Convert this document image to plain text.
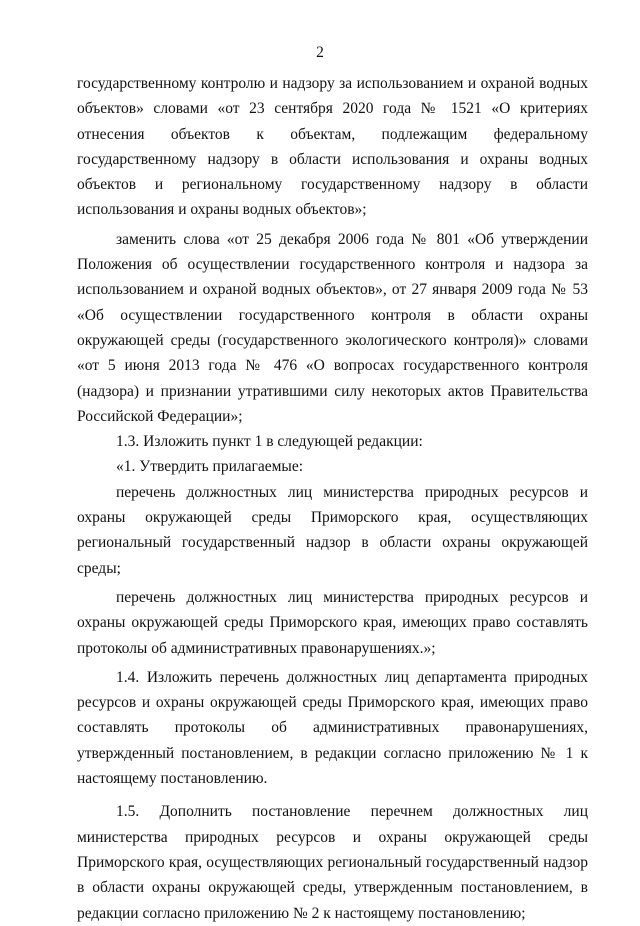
2

государственному контролю и надзору за использованием и охраной водных объектов» словами «от 23 сентября 2020 года № 1521 «О критериях отнесения объектов к объектам, подлежащим федеральному государственному надзору в области использования и охраны водных объектов и региональному государственному надзору в области использования и охраны водных объектов»;

заменить слова «от 25 декабря 2006 года № 801 «Об утверждении Положения об осуществлении государственного контроля и надзора за использованием и охраной водных объектов», от 27 января 2009 года № 53 «Об осуществлении государственного контроля в области охраны окружающей среды (государственного экологического контроля)» словами «от 5 июня 2013 года № 476 «О вопросах государственного контроля (надзора) и признании утратившими силу некоторых актов Правительства Российской Федерации»;

1.3. Изложить пункт 1 в следующей редакции:

«1. Утвердить прилагаемые:

перечень должностных лиц министерства природных ресурсов и охраны окружающей среды Приморского края, осуществляющих региональный государственный надзор в области охраны окружающей среды;

перечень должностных лиц министерства природных ресурсов и охраны окружающей среды Приморского края, имеющих право составлять протоколы об административных правонарушениях.»;

1.4. Изложить перечень должностных лиц департамента природных ресурсов и охраны окружающей среды Приморского края, имеющих право составлять протоколы об административных правонарушениях, утвержденный постановлением, в редакции согласно приложению № 1 к настоящему постановлению.

1.5. Дополнить постановление перечнем должностных лиц министерства природных ресурсов и охраны окружающей среды Приморского края, осуществляющих региональный государственный надзор в области охраны окружающей среды, утвержденным постановлением, в редакции согласно приложению № 2 к настоящему постановлению;
